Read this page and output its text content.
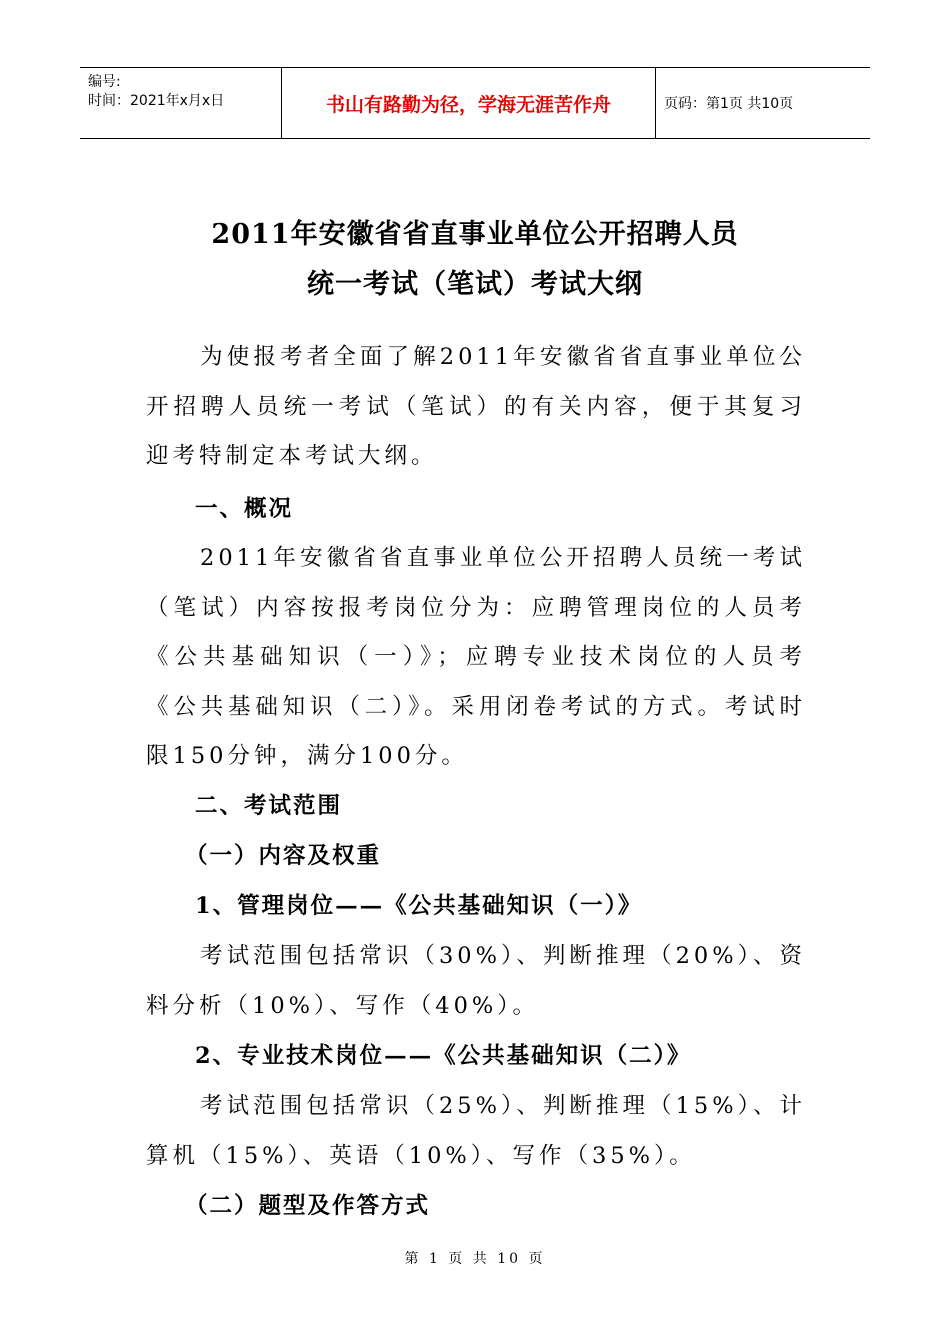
编号:
时间：2021年x月x日	书山有路勤为径，学海无涯苦作舟	页码：第1页 共10页
2011年安徽省省直事业单位公开招聘人员
统一考试（笔试）考试大纲
为使报考者全面了解2011年安徽省省直事业单位公开招聘人员统一考试（笔试）的有关内容，便于其复习迎考特制定本考试大纲。
一、概况
2011年安徽省省直事业单位公开招聘人员统一考试（笔试）内容按报考岗位分为：应聘管理岗位的人员考《公共基础知识（一）》；应聘专业技术岗位的人员考《公共基础知识（二）》。采用闭卷考试的方式。考试时限150分钟，满分100分。
二、考试范围
（一）内容及权重
1、管理岗位——《公共基础知识（一）》
考试范围包括常识（30%）、判断推理（20%）、资料分析（10%）、写作（40%）。
2、专业技术岗位——《公共基础知识（二）》
考试范围包括常识（25%）、判断推理（15%）、计算机（15%）、英语（10%）、写作（35%）。
（二）题型及作答方式
第 1 页 共 10 页
